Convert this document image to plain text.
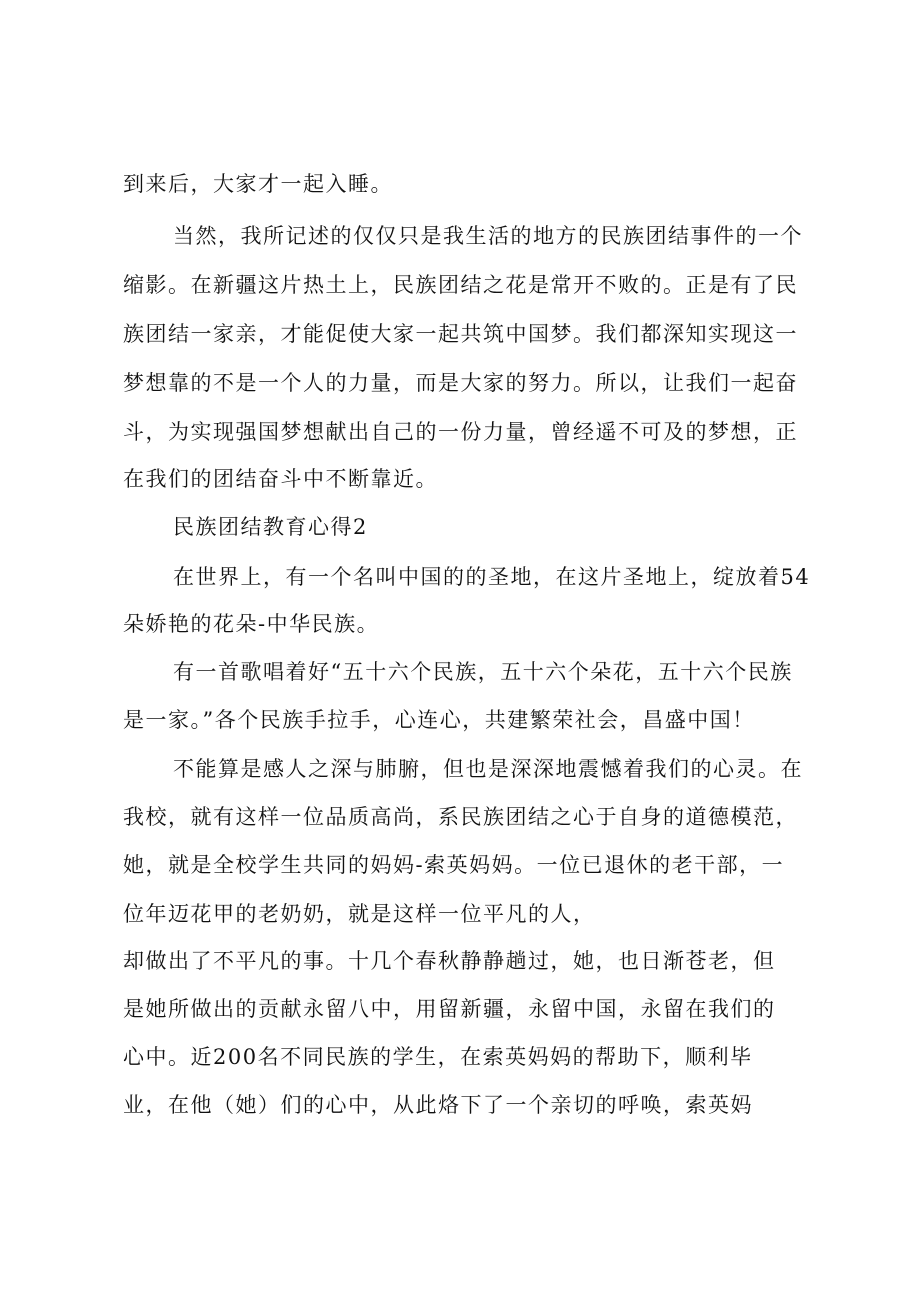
到来后，大家才一起入睡。
当然，我所记述的仅仅只是我生活的地方的民族团结事件的一个
缩影。在新疆这片热土上，民族团结之花是常开不败的。正是有了民
族团结一家亲，才能促使大家一起共筑中国梦。我们都深知实现这一
梦想靠的不是一个人的力量，而是大家的努力。所以，让我们一起奋
斗，为实现强国梦想献出自己的一份力量，曾经遥不可及的梦想，正
在我们的团结奋斗中不断靠近。
民族团结教育心得2
在世界上，有一个名叫中国的的圣地，在这片圣地上，绽放着54
朵娇艳的花朵-中华民族。
有一首歌唱着好“五十六个民族，五十六个朵花，五十六个民族
是一家。”各个民族手拉手，心连心，共建繁荣社会，昌盛中国！
不能算是感人之深与肺腑，但也是深深地震憾着我们的心灵。在
我校，就有这样一位品质高尚，系民族团结之心于自身的道德模范，
她，就是全校学生共同的妈妈-索英妈妈。一位已退休的老干部，一
位年迈花甲的老奶奶，就是这样一位平凡的人，
却做出了不平凡的事。十几个春秋静静趟过，她，也日渐苍老，但
是她所做出的贡献永留八中，用留新疆，永留中国，永留在我们的
心中。近200名不同民族的学生，在索英妈妈的帮助下，顺利毕
业，在他（她）们的心中，从此烙下了一个亲切的呼唤，索英妈
